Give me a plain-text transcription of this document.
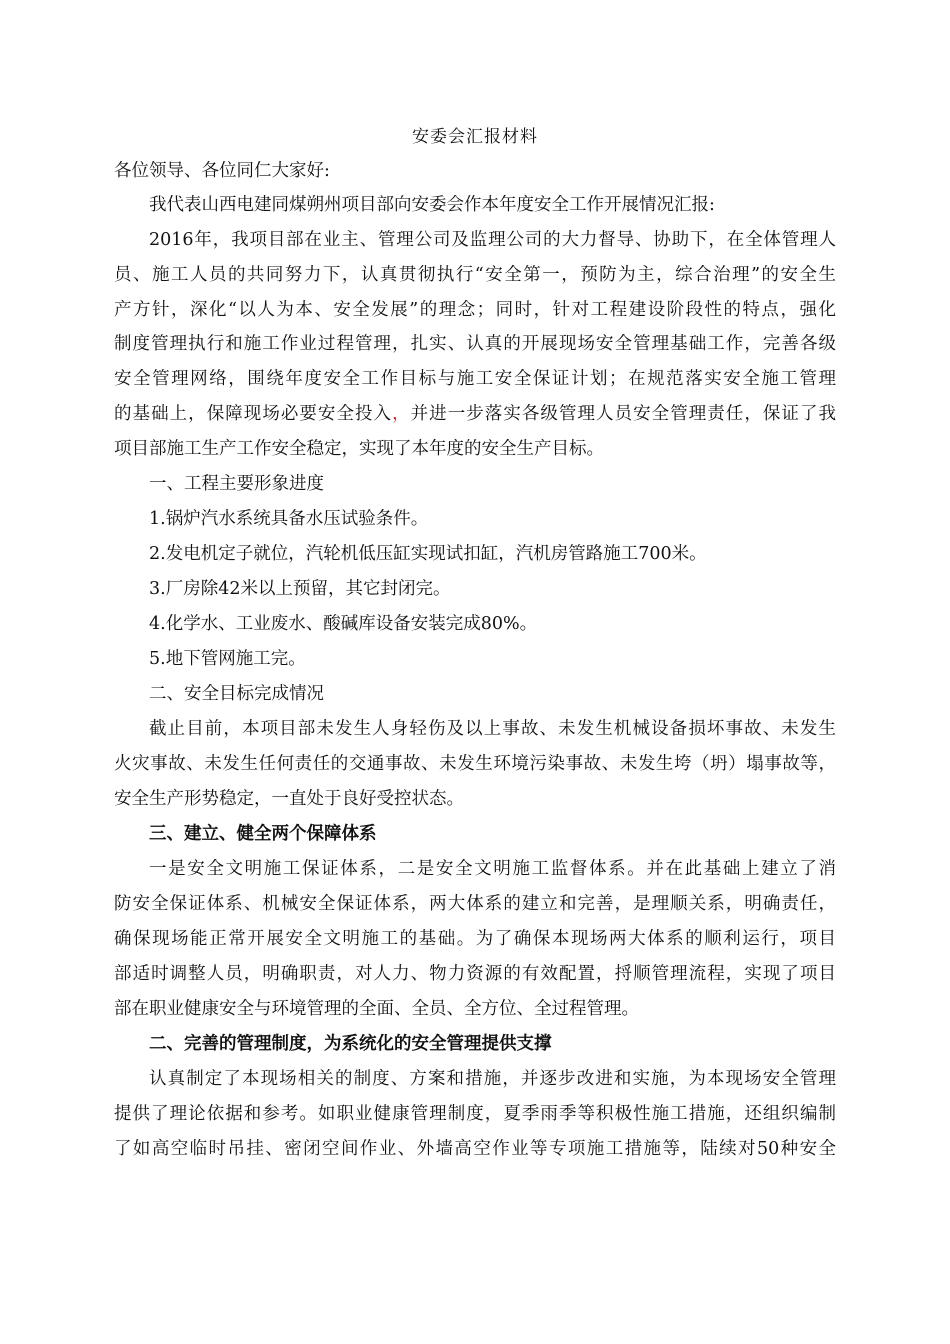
安委会汇报材料
各位领导、各位同仁大家好:
我代表山西电建同煤朔州项目部向安委会作本年度安全工作开展情况汇报:
2016年，我项目部在业主、管理公司及监理公司的大力督导、协助下，在全体管理人
员、施工人员的共同努力下，认真贯彻执行“安全第一，预防为主，综合治理”的安全生
产方针，深化“以人为本、安全发展”的理念；同时，针对工程建设阶段性的特点，强化
制度管理执行和施工作业过程管理，扎实、认真的开展现场安全管理基础工作，完善各级
安全管理网络，围绕年度安全工作目标与施工安全保证计划；在规范落实安全施工管理
的基础上，保障现场必要安全投入，并进一步落实各级管理人员安全管理责任，保证了我
项目部施工生产工作安全稳定，实现了本年度的安全生产目标。
一、工程主要形象进度
1.锅炉汽水系统具备水压试验条件。
2.发电机定子就位，汽轮机低压缸实现试扣缸，汽机房管路施工700米。
3.厂房除42米以上预留，其它封闭完。
4.化学水、工业废水、酸碱库设备安装完成80%。
5.地下管网施工完。
二、安全目标完成情况
截止目前，本项目部未发生人身轻伤及以上事故、未发生机械设备损坏事故、未发生
火灾事故、未发生任何责任的交通事故、未发生环境污染事故、未发生垮（坍）塌事故等，
安全生产形势稳定，一直处于良好受控状态。
三、建立、健全两个保障体系
一是安全文明施工保证体系，二是安全文明施工监督体系。并在此基础上建立了消
防安全保证体系、机械安全保证体系，两大体系的建立和完善，是理顺关系，明确责任，
确保现场能正常开展安全文明施工的基础。为了确保本现场两大体系的顺利运行，项目
部适时调整人员，明确职责，对人力、物力资源的有效配置，捋顺管理流程，实现了项目
部在职业健康安全与环境管理的全面、全员、全方位、全过程管理。
二、完善的管理制度，为系统化的安全管理提供支撑
认真制定了本现场相关的制度、方案和措施，并逐步改进和实施，为本现场安全管理
提供了理论依据和参考。如职业健康管理制度，夏季雨季等积极性施工措施，还组织编制
了如高空临时吊挂、密闭空间作业、外墙高空作业等专项施工措施等，陆续对50种安全
